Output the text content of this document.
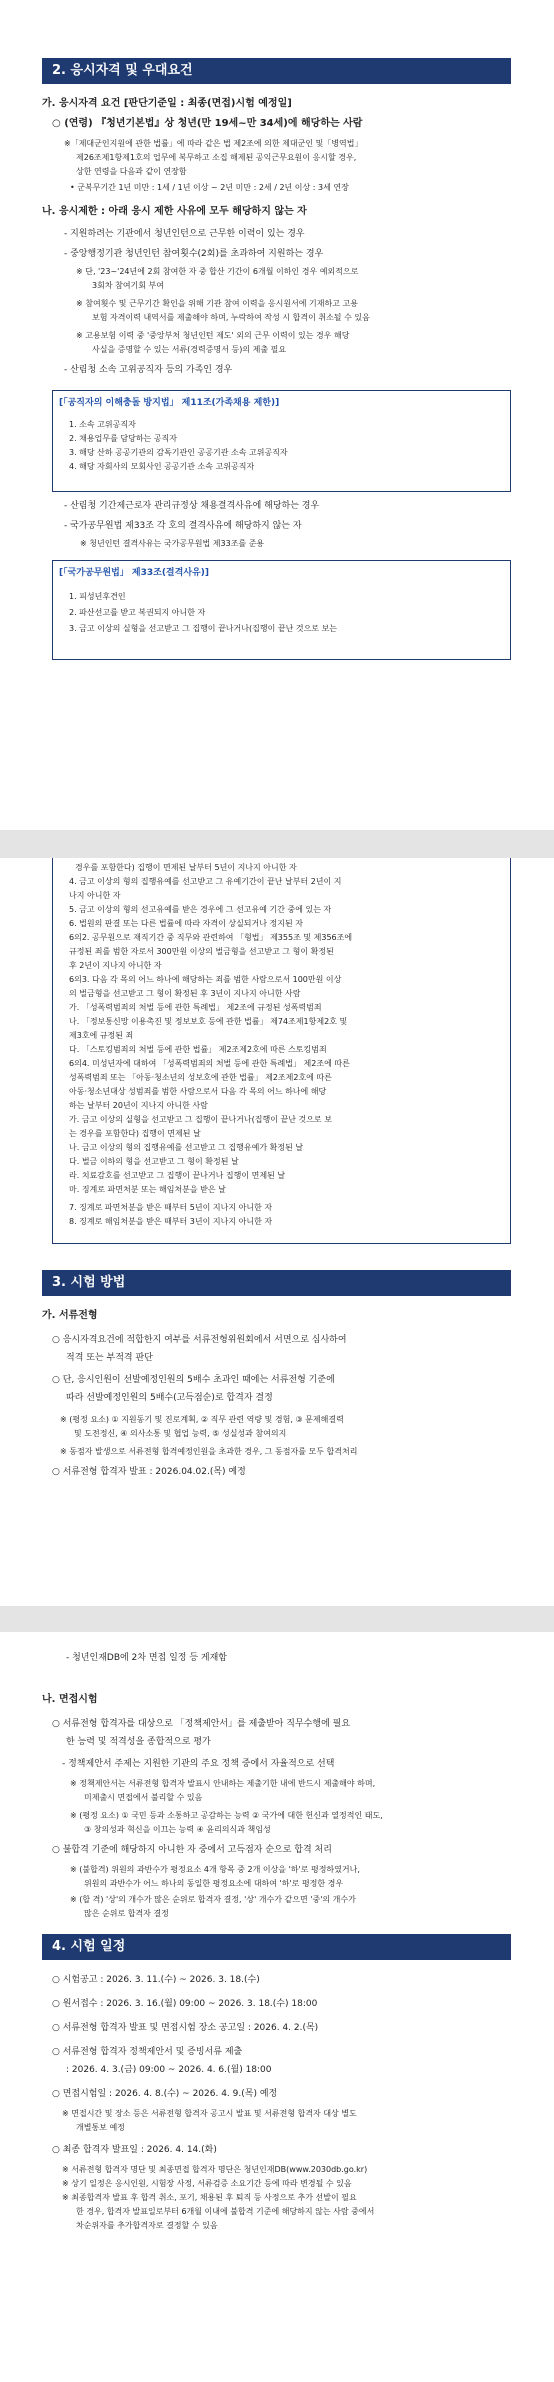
2. 응시자격 및 우대요건
가. 응시자격 요건 [판단기준일 : 최종(면접)시험 예정일]
○ (연령) 『청년기본법』상 청년(만 19세~만 34세)에 해당하는 사람
※「제대군인지원에 관한 법률」에 따라 같은 법 제2조에 의한 제대군인 및「병역법」
제26조제1항제1호의 업무에 복무하고 소집 해제된 공익근무요원이 응시할 경우,
상한 연령을 다음과 같이 연장함
• 군복무기간 1년 미만 : 1세 / 1년 이상 ~ 2년 미만 : 2세 / 2년 이상 : 3세 연장
나. 응시제한 : 아래 응시 제한 사유에 모두 해당하지 않는 자
- 지원하려는 기관에서 청년인턴으로 근무한 이력이 있는 경우
- 중앙행정기관 청년인턴 참여횟수(2회)를 초과하여 지원하는 경우
※ 단, '23~'24년에 2회 참여한 자 중 합산 기간이 6개월 이하인 경우 예외적으로
3회차 참여기회 부여
※ 참여횟수 및 근무기간 확인을 위해 기관 참여 이력을 응시원서에 기재하고 고용
보험 자격이력 내역서를 제출해야 하며, 누락하여 작성 시 합격이 취소될 수 있음
※ 고용보험 이력 중 '중앙부처 청년인턴 제도' 외의 근무 이력이 있는 경우 해당
사실을 증명할 수 있는 서류(경력증명서 등)의 제출 필요
- 산림청 소속 고위공직자 등의 가족인 경우
[「공직자의 이해충돌 방지법」 제11조(가족채용 제한)]
1. 소속 고위공직자
2. 채용업무를 담당하는 공직자
3. 해당 산하 공공기관의 감독기관인 공공기관 소속 고위공직자
4. 해당 자회사의 모회사인 공공기관 소속 고위공직자
- 산림청 기간제근로자 관리규정상 채용결격사유에 해당하는 경우
- 국가공무원법 제33조 각 호의 결격사유에 해당하지 않는 자
※ 청년인턴 결격사유는 국가공무원법 제33조를 준용
[「국가공무원법」 제33조(결격사유)]
1. 피성년후견인
2. 파산선고를 받고 복권되지 아니한 자
3. 금고 이상의 실형을 선고받고 그 집행이 끝나거나(집행이 끝난 것으로 보는
경우를 포함한다) 집행이 면제된 날부터 5년이 지나지 아니한 자
4. 금고 이상의 형의 집행유예를 선고받고 그 유예기간이 끝난 날부터 2년이 지
나지 아니한 자
5. 금고 이상의 형의 선고유예를 받은 경우에 그 선고유예 기간 중에 있는 자
6. 법원의 판결 또는 다른 법률에 따라 자격이 상실되거나 정지된 자
6의2. 공무원으로 재직기간 중 직무와 관련하여 「형법」 제355조 및 제356조에
규정된 죄를 범한 자로서 300만원 이상의 벌금형을 선고받고 그 형이 확정된
후 2년이 지나지 아니한 자
6의3. 다음 각 목의 어느 하나에 해당하는 죄를 범한 사람으로서 100만원 이상
의 벌금형을 선고받고 그 형이 확정된 후 3년이 지나지 아니한 사람
가. 「성폭력범죄의 처벌 등에 관한 특례법」 제2조에 규정된 성폭력범죄
나. 「정보통신망 이용촉진 및 정보보호 등에 관한 법률」 제74조제1항제2호 및
제3호에 규정된 죄
다. 「스토킹범죄의 처벌 등에 관한 법률」 제2조제2호에 따른 스토킹범죄
6의4. 미성년자에 대하여 「성폭력범죄의 처벌 등에 관한 특례법」 제2조에 따른
성폭력범죄 또는 「아동·청소년의 성보호에 관한 법률」 제2조제2호에 따른
아동·청소년대상 성범죄를 범한 사람으로서 다음 각 목의 어느 하나에 해당
하는 날부터 20년이 지나지 아니한 사람
가. 금고 이상의 실형을 선고받고 그 집행이 끝나거나(집행이 끝난 것으로 보
는 경우를 포함한다) 집행이 면제된 날
나. 금고 이상의 형의 집행유예를 선고받고 그 집행유예가 확정된 날
다. 벌금 이하의 형을 선고받고 그 형이 확정된 날
라. 치료감호를 선고받고 그 집행이 끝나거나 집행이 면제된 날
마. 징계로 파면처분 또는 해임처분을 받은 날
7. 징계로 파면처분을 받은 때부터 5년이 지나지 아니한 자
8. 징계로 해임처분을 받은 때부터 3년이 지나지 아니한 자
3. 시험 방법
가. 서류전형
○ 응시자격요건에 적합한지 여부를 서류전형위원회에서 서면으로 심사하여
적격 또는 부적격 판단
○ 단, 응시인원이 선발예정인원의 5배수 초과인 때에는 서류전형 기준에
따라 선발예정인원의 5배수(고득점순)로 합격자 결정
※ (평정 요소) ① 지원동기 및 진로계획, ② 직무 관련 역량 및 경험, ③ 문제해결력
및 도전정신, ④ 의사소통 및 협업 능력, ⑤ 성실성과 참여의지
※ 동점자 발생으로 서류전형 합격예정인원을 초과한 경우, 그 동점자를 모두 합격처리
○ 서류전형 합격자 발표 : 2026.04.02.(목) 예정
- 청년인재DB에 2차 면접 일정 등 게재함
나. 면접시험
○ 서류전형 합격자를 대상으로 「정책제안서」를 제출받아 직무수행에 필요
한 능력 및 적격성을 종합적으로 평가
- 정책제안서 주제는 지원한 기관의 주요 정책 중에서 자율적으로 선택
※ 정책제안서는 서류전형 합격자 발표시 안내하는 제출기한 내에 반드시 제출해야 하며,
미제출시 면접에서 불리할 수 있음
※ (평정 요소) ① 국민 등과 소통하고 공감하는 능력 ② 국가에 대한 헌신과 열정적인 태도,
③ 창의성과 혁신을 이끄는 능력 ④ 윤리의식과 책임성
○ 불합격 기준에 해당하지 아니한 자 중에서 고득점자 순으로 합격 처리
※ (불합격) 위원의 과반수가 평정요소 4개 항목 중 2개 이상을 '하'로 평정하였거나,
위원의 과반수가 어느 하나의 동일한 평정요소에 대하여 '하'로 평정한 경우
※ (합 격) '상'의 개수가 많은 순위로 합격자 결정, '상' 개수가 같으면 '중'의 개수가
많은 순위로 합격자 결정
4. 시험 일정
○ 시험공고 : 2026. 3. 11.(수) ~ 2026. 3. 18.(수)
○ 원서접수 : 2026. 3. 16.(월) 09:00 ~ 2026. 3. 18.(수) 18:00
○ 서류전형 합격자 발표 및 면접시험 장소 공고일 : 2026. 4. 2.(목)
○ 서류전형 합격자 정책제안서 및 증빙서류 제출
: 2026. 4. 3.(금) 09:00 ~ 2026. 4. 6.(월) 18:00
○ 면접시험일 : 2026. 4. 8.(수) ~ 2026. 4. 9.(목) 예정
※ 면접시간 및 장소 등은 서류전형 합격자 공고시 발표 및 서류전형 합격자 대상 별도
개별통보 예정
○ 최종 합격자 발표일 : 2026. 4. 14.(화)
※ 서류전형 합격자 명단 및 최종면접 합격자 명단은 청년인재DB(www.2030db.go.kr)
※ 상기 일정은 응시인원, 시험장 사정, 서류검증 소요기간 등에 따라 변경될 수 있음
※ 최종합격자 발표 후 합격 취소, 포기, 채용된 후 퇴직 등 사정으로 추가 선발이 필요
한 경우, 합격자 발표일로부터 6개월 이내에 불합격 기준에 해당하지 않는 사람 중에서
차순위자를 추가합격자로 결정할 수 있음
